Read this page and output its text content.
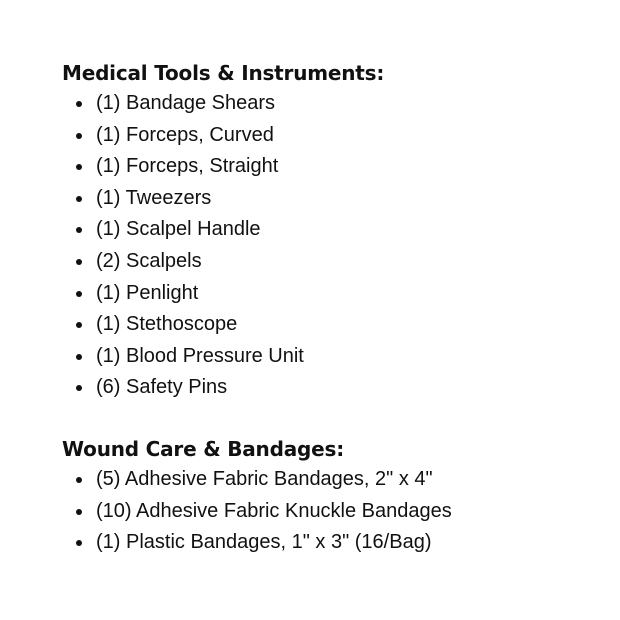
Medical Tools & Instruments:
(1) Bandage Shears
(1) Forceps, Curved
(1) Forceps, Straight
(1) Tweezers
(1) Scalpel Handle
(2) Scalpels
(1) Penlight
(1) Stethoscope
(1) Blood Pressure Unit
(6) Safety Pins
Wound Care & Bandages:
(5) Adhesive Fabric Bandages, 2" x 4"
(10) Adhesive Fabric Knuckle Bandages
(1) Plastic Bandages, 1" x 3" (16/Bag)
